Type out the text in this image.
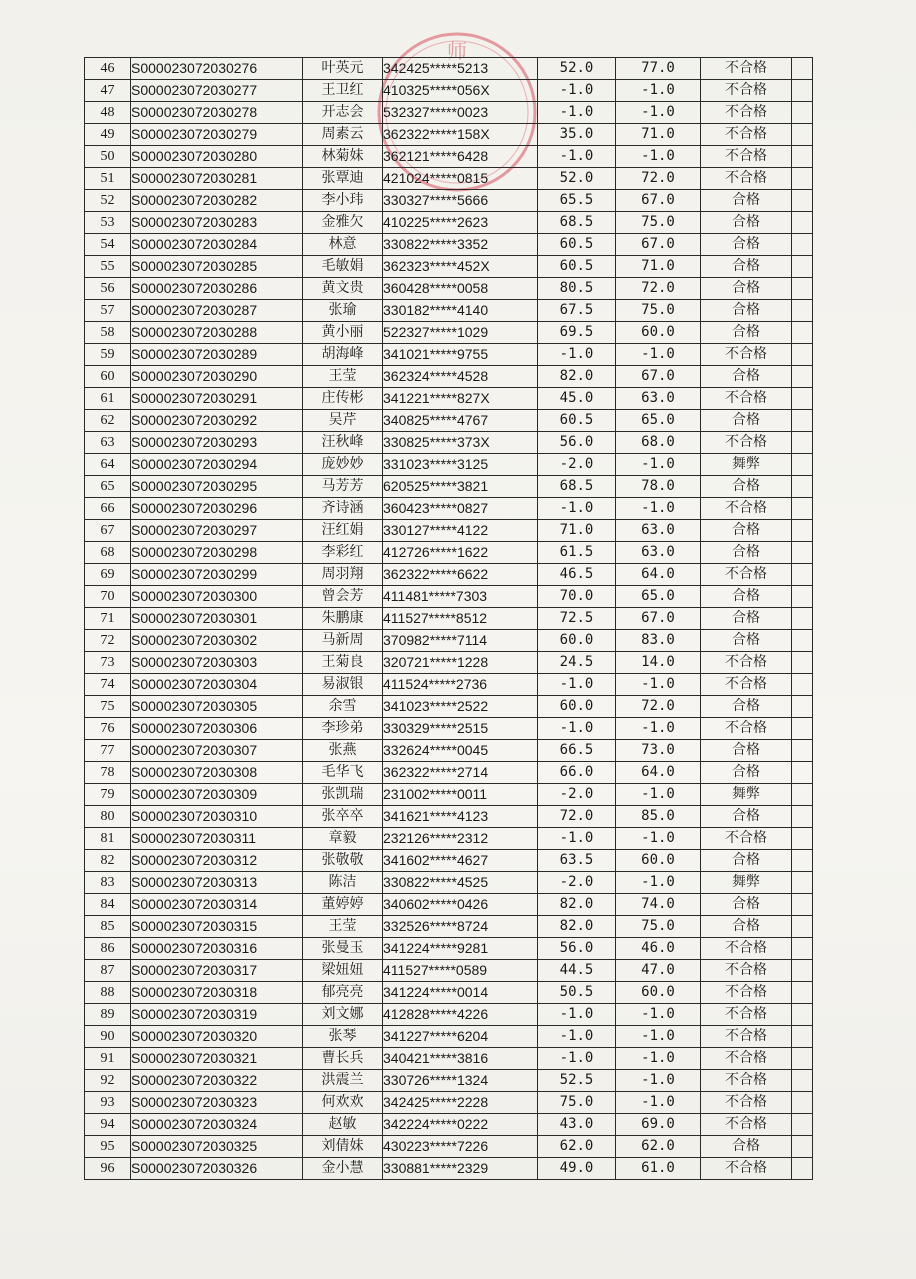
师
46	S000023072030276	叶英元	342425*****5213	52.0	77.0	不合格	
47	S000023072030277	王卫红	410325*****056X	-1.0	-1.0	不合格	
48	S000023072030278	开志会	532327*****0023	-1.0	-1.0	不合格	
49	S000023072030279	周素云	362322*****158X	35.0	71.0	不合格	
50	S000023072030280	林菊妹	362121*****6428	-1.0	-1.0	不合格	
51	S000023072030281	张覃迪	421024*****0815	52.0	72.0	不合格	
52	S000023072030282	李小玮	330327*****5666	65.5	67.0	合格	
53	S000023072030283	金雅欠	410225*****2623	68.5	75.0	合格	
54	S000023072030284	林意	330822*****3352	60.5	67.0	合格	
55	S000023072030285	毛敏娟	362323*****452X	60.5	71.0	合格	
56	S000023072030286	黄文贵	360428*****0058	80.5	72.0	合格	
57	S000023072030287	张瑜	330182*****4140	67.5	75.0	合格	
58	S000023072030288	黄小丽	522327*****1029	69.5	60.0	合格	
59	S000023072030289	胡海峰	341021*****9755	-1.0	-1.0	不合格	
60	S000023072030290	王莹	362324*****4528	82.0	67.0	合格	
61	S000023072030291	庄传彬	341221*****827X	45.0	63.0	不合格	
62	S000023072030292	吴芹	340825*****4767	60.5	65.0	合格	
63	S000023072030293	汪秋峰	330825*****373X	56.0	68.0	不合格	
64	S000023072030294	庞妙妙	331023*****3125	-2.0	-1.0	舞弊	
65	S000023072030295	马芳芳	620525*****3821	68.5	78.0	合格	
66	S000023072030296	齐诗涵	360423*****0827	-1.0	-1.0	不合格	
67	S000023072030297	汪红娟	330127*****4122	71.0	63.0	合格	
68	S000023072030298	李彩红	412726*****1622	61.5	63.0	合格	
69	S000023072030299	周羽翔	362322*****6622	46.5	64.0	不合格	
70	S000023072030300	曾会芳	411481*****7303	70.0	65.0	合格	
71	S000023072030301	朱鹏康	411527*****8512	72.5	67.0	合格	
72	S000023072030302	马新周	370982*****7114	60.0	83.0	合格	
73	S000023072030303	王菊良	320721*****1228	24.5	14.0	不合格	
74	S000023072030304	易淑银	411524*****2736	-1.0	-1.0	不合格	
75	S000023072030305	余雪	341023*****2522	60.0	72.0	合格	
76	S000023072030306	李珍弟	330329*****2515	-1.0	-1.0	不合格	
77	S000023072030307	张燕	332624*****0045	66.5	73.0	合格	
78	S000023072030308	毛华飞	362322*****2714	66.0	64.0	合格	
79	S000023072030309	张凯瑞	231002*****0011	-2.0	-1.0	舞弊	
80	S000023072030310	张卒卒	341621*****4123	72.0	85.0	合格	
81	S000023072030311	章毅	232126*****2312	-1.0	-1.0	不合格	
82	S000023072030312	张敬敬	341602*****4627	63.5	60.0	合格	
83	S000023072030313	陈洁	330822*****4525	-2.0	-1.0	舞弊	
84	S000023072030314	董婷婷	340602*****0426	82.0	74.0	合格	
85	S000023072030315	王莹	332526*****8724	82.0	75.0	合格	
86	S000023072030316	张曼玉	341224*****9281	56.0	46.0	不合格	
87	S000023072030317	梁妞妞	411527*****0589	44.5	47.0	不合格	
88	S000023072030318	郁亮亮	341224*****0014	50.5	60.0	不合格	
89	S000023072030319	刘文娜	412828*****4226	-1.0	-1.0	不合格	
90	S000023072030320	张琴	341227*****6204	-1.0	-1.0	不合格	
91	S000023072030321	曹长兵	340421*****3816	-1.0	-1.0	不合格	
92	S000023072030322	洪震兰	330726*****1324	52.5	-1.0	不合格	
93	S000023072030323	何欢欢	342425*****2228	75.0	-1.0	不合格	
94	S000023072030324	赵敏	342224*****0222	43.0	69.0	不合格	
95	S000023072030325	刘倩妹	430223*****7226	62.0	62.0	合格	
96	S000023072030326	金小慧	330881*****2329	49.0	61.0	不合格	
